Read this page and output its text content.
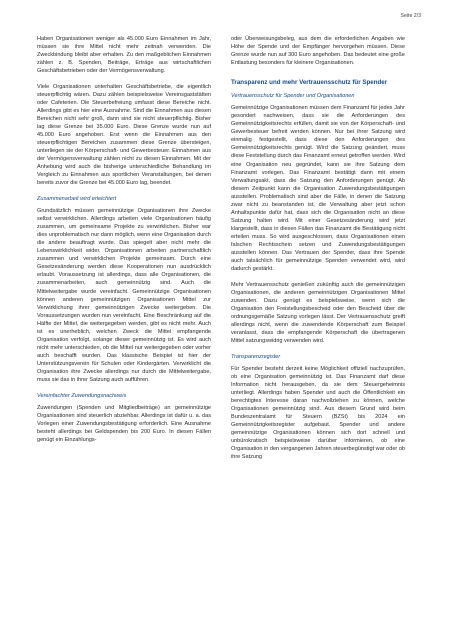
Seite 2/3

Haben Organisationen weniger als 45.000 Euro Einnahmen im Jahr, müssen sie ihre Mittel nicht mehr zeitnah verwenden. Die Zweckbindung bleibt aber erhalten. Zu den maßgeblichen Einnahmen zählen z. B. Spenden, Beiträge, Erträge aus wirtschaftlichen Geschäftsbetrieben oder der Vermögensverwaltung.

Viele Organisationen unterhalten Geschäftsbetriebe, die eigentlich steuerpflichtig wären. Dazu zählen beispielsweise Vereinsgaststätten oder Cafeterien. Die Steuerbefreiung umfasst diese Bereiche nicht. Allerdings gibt es hier eine Ausnahme. Sind die Einnahmen aus diesen Bereichen nicht sehr groß, dann sind sie nicht steuerpflichtig. Bisher lag diese Grenze bei 35.000 Euro. Diese Grenze wurde nun auf 45.000 Euro angehoben. Erst wenn die Einnahmen aus den steuerpflichtigen Bereichen zusammen diese Grenze übersteigen, unterliegen sie der Körperschaft- und Gewerbesteuer. Einnahmen aus der Vermögensverwaltung zählen nicht zu diesen Einnahmen. Mit der Anhebung wird auch die bisherige unterschiedliche Behandlung im Vergleich zu Einnahmen aus sportlichen Veranstaltungen, bei denen bereits zuvor die Grenze bei 45.000 Euro lag, beendet.

Zusammenarbeit wird erleichtert

Grundsätzlich müssen gemeinnützige Organisationen ihre Zwecke selbst verwirklichen. Allerdings arbeiten viele Organisationen häufig zusammen, um gemeinsame Projekte zu verwirklichen. Bisher war dies unproblematisch nur dann möglich, wenn eine Organisation durch die andere beauftragt wurde. Das spiegelt aber nicht mehr die Lebenswirklichkeit wider. Organisationen arbeiten partnerschaftlich zusammen und verwirklichen Projekte gemeinsam. Durch eine Gesetzesänderung werden diese Kooperationen nun ausdrücklich erlaubt. Voraussetzung ist allerdings, dass alle Organisationen, die zusammenarbeiten, auch gemeinnützig sind. Auch die Mittelweitergabe wurde vereinfacht. Gemeinnützige Organisationen können anderen gemeinnützigen Organisationen Mittel zur Verwirklichung ihrer gemeinnützigen Zwecke weitergeben. Die Voraussetzungen wurden nun vereinfacht. Eine Beschränkung auf die Hälfte der Mittel, die weitergegeben werden, gibt es nicht mehr. Auch ist es unerheblich, welchen Zweck die Mittel empfangende Organisation verfolgt, solange dieser gemeinnützig ist. Es wird auch nicht mehr unterschieden, ob die Mittel nur weitergegeben oder vorher auch beschafft wurden. Das klassische Beispiel ist hier der Unterstützungsverein für Schulen oder Kindergärten. Verwirklicht die Organisation ihre Zwecke allerdings nur durch die Mittelweitergabe, muss sie das in ihrer Satzung auch aufführen.

Vereinfachter Zuwendungsnachweis

Zuwendungen (Spenden und Mitgliedbeiträge) an gemeinnützige Organisationen sind steuerlich abziehbar. Allerdings ist dafür u. a. das Vorlegen einer Zuwendungsbestätigung erforderlich. Eine Ausnahme besteht allerdings bei Geldspenden bis 200 Euro. In diesen Fällen genügt ein Einzahlungs-

oder Überweisungsbeleg, aus dem die erforderlichen Angaben wie Höhe der Spende und der Empfänger hervorgehen müssen. Diese Grenze wurde nun auf 300 Euro angehoben. Das bedeutet eine große Entlastung besonders für kleinere Organisationen.

Transparenz und mehr Vertrauensschutz für Spender
Vertrauensschutz für Spender und Organisationen

Gemeinnützige Organisationen müssen dem Finanzamt für jedes Jahr gesondert nachweisen, dass sie die Anforderungen des Gemeinnützigkeitsrechts erfüllen, damit sie von der Körperschaft- und Gewerbesteuer befreit werden können. Nur bei ihrer Satzung wird einmalig festgestellt, dass diese den Anforderungen des Gemeinnützigkeitsrechts genügt. Wird die Satzung geändert, muss diese Feststellung durch das Finanzamt erneut getroffen werden. Wird eine Organisation neu gegründet, kann sie ihre Satzung dem Finanzamt vorlegen. Das Finanzamt bestätigt dann mit einem Verwaltungsakt, dass die Satzung den Anforderungen genügt. Ab diesem Zeitpunkt kann die Organisation Zuwendungsbestätigungen ausstellen. Problematisch sind aber die Fälle, in denen die Satzung zwar nicht zu beanstanden ist, die Verwaltung aber jetzt schon Anhaltspunkte dafür hat, dass sich die Organisation nicht an diese Satzung halten wird. Mit einer Gesetzesänderung wird jetzt klargestellt, dass in diesen Fällen das Finanzamt die Bestätigung nicht erteilen muss. So wird ausgeschlossen, dass Organisationen einen falschen Rechtsschein setzen und Zuwendungsbestätigungen ausstellen können. Das Vertrauen der Spender, dass ihre Spende auch tatsächlich für gemeinnützige Spenden verwendet wird, wird dadurch gestärkt.

Mehr Vertrauensschutz genießen zukünftig auch die gemeinnützigen Organisationen, die anderen gemeinnützigen Organisationen Mittel zuwenden. Dazu genügt es beispielsweise, wenn sich die Organisation den Freistellungsbescheid oder den Bescheid über die ordnungsgemäße Satzung vorlegen lässt. Der Vertrauensschutz greift allerdings nicht, wenn die zuwendende Körperschaft zum Beispiel veranlasst, dass die empfangende Körperschaft die übertragenen Mittel satzungswidrig verwenden wird.

Transparenzregister

Für Spender besteht derzeit keine Möglichkeit offiziell nachzuprüfen, ob eine Organisation gemeinnützig ist. Das Finanzamt darf diese Information nicht herausgeben, da sie dem Steuergeheimnis unterliegt. Allerdings haben Spender und auch die Öffentlichkeit ein berechtigtes Interesse daran nachvollziehen zu können, welche Organisationen gemeinnützig sind. Aus diesem Grund wird beim Bundeszentralamt für Steuern (BZSt) bis 2024 ein Gemeinnützigkeitsregister aufgebaut. Spender und andere gemeinnützige Organisationen können sich dort schnell und unbürokratisch beispielsweise darüber informieren, ob eine Organisation in den vergangenen Jahren steuerbegünstigt war oder ob ihre Satzung
